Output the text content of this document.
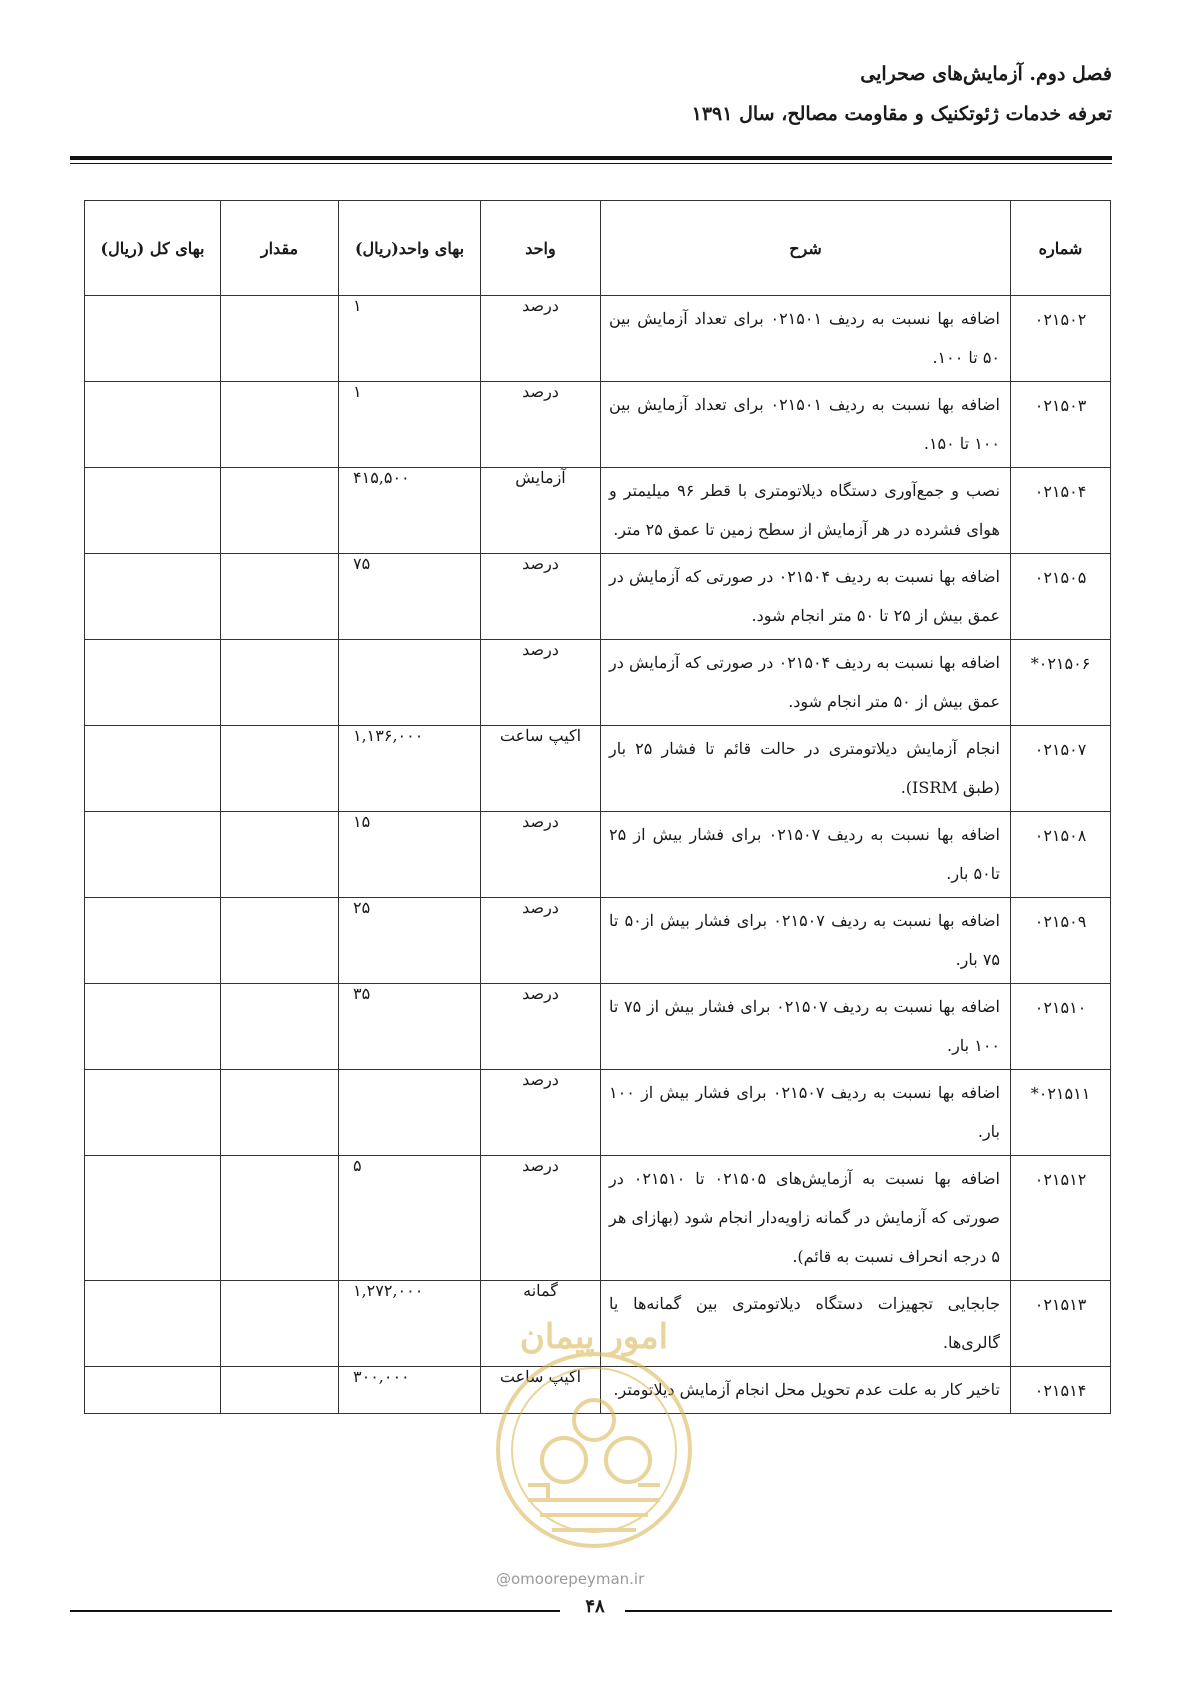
فصل دوم. آزمایش‌های صحرایی
تعرفه خدمات ژئوتکنیک و مقاومت مصالح، سال ۱۳۹۱
شماره	شرح	واحد	بهای واحد(ریال)	مقدار	بهای کل (ریال)
۰۲۱۵۰۲	اضافه بها نسبت به ردیف ۰۲۱۵۰۱ برای تعداد آزمایش بین ۵۰ تا ۱۰۰.	درصد	۱		

۰۲۱۵۰۳	اضافه بها نسبت به ردیف ۰۲۱۵۰۱ برای تعداد آزمایش بین ۱۰۰ تا ۱۵۰.	درصد	۱		

۰۲۱۵۰۴	نصب و جمع‌آوری دستگاه دیلاتومتری با قطر ۹۶ میلیمتر و هوای فشرده در هر آزمایش از سطح زمین تا عمق ۲۵ متر.	آزمایش	۴۱۵,۵۰۰		

۰۲۱۵۰۵	اضافه بها نسبت به ردیف ۰۲۱۵۰۴ در صورتی که آزمایش در عمق بیش از ۲۵ تا ۵۰ متر انجام شود.	درصد	۷۵		

۰۲۱۵۰۶*	اضافه بها نسبت به ردیف ۰۲۱۵۰۴ در صورتی که آزمایش در عمق بیش از ۵۰ متر انجام شود.	درصد			

۰۲۱۵۰۷	انجام آزمایش دیلاتومتری در حالت قائم تا فشار ۲۵ بار (طبق ISRM).	اکیپ ساعت	۱,۱۳۶,۰۰۰		

۰۲۱۵۰۸	اضافه بها نسبت به ردیف ۰۲۱۵۰۷ برای فشار بیش از ۲۵ تا۵۰ بار.	درصد	۱۵		

۰۲۱۵۰۹	اضافه بها نسبت به ردیف ۰۲۱۵۰۷ برای فشار بیش از۵۰ تا ۷۵ بار.	درصد	۲۵		

۰۲۱۵۱۰	اضافه بها نسبت به ردیف ۰۲۱۵۰۷ برای فشار بیش از ۷۵ تا ۱۰۰ بار.	درصد	۳۵		

۰۲۱۵۱۱*	اضافه بها نسبت به ردیف ۰۲۱۵۰۷ برای فشار بیش از ۱۰۰ بار.	درصد			

۰۲۱۵۱۲	اضافه بها نسبت به آزمایش‌های ۰۲۱۵۰۵ تا ۰۲۱۵۱۰ در صورتی که آزمایش در گمانه زاویه‌دار انجام شود (بهازای هر ۵ درجه انحراف نسبت به قائم).	درصد	۵		

۰۲۱۵۱۳	جابجایی تجهیزات دستگاه دیلاتومتری بین گمانه‌ها یا گالری‌ها.	گمانه	۱,۲۷۲,۰۰۰		

۰۲۱۵۱۴	تاخیر کار به علت عدم تحویل محل انجام آزمایش دیلاتومتر.	اکیپ ساعت	۳۰۰,۰۰۰		

امور پیمان
@omoorepeyman.ir
۴۸
